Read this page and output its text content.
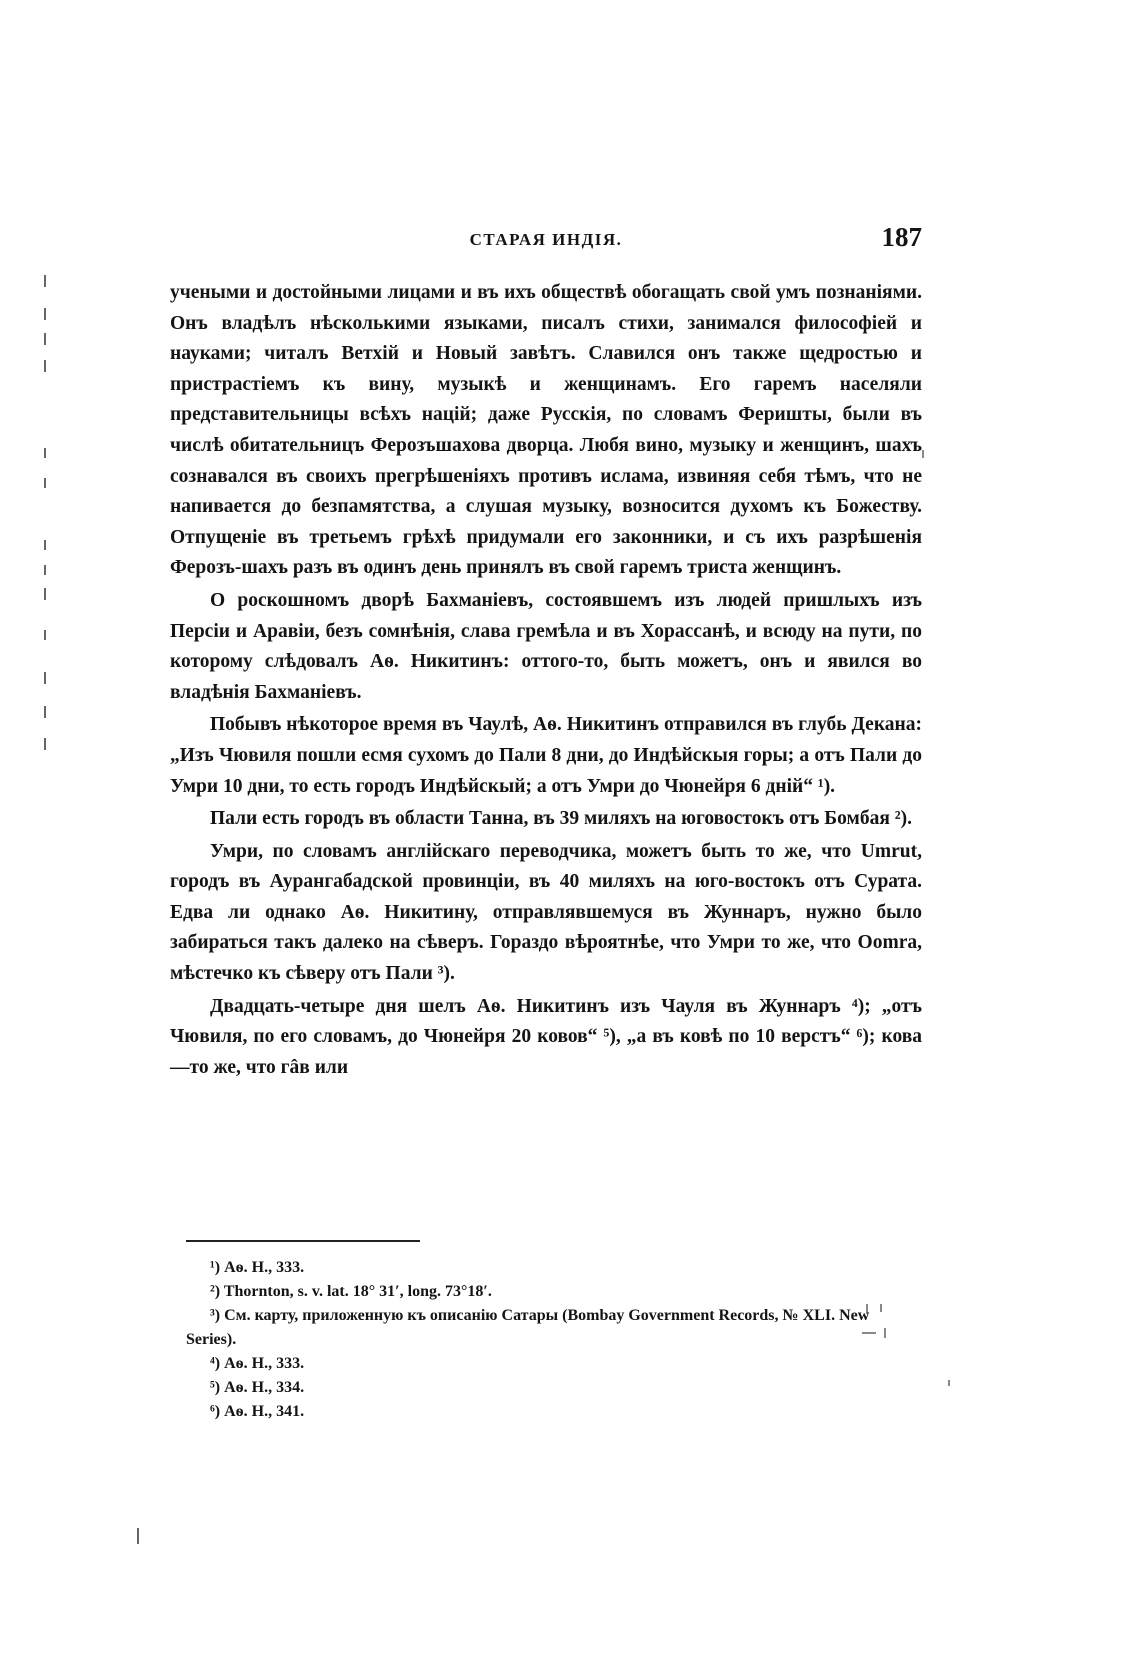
СТАРАЯ ИНДІЯ.	187

учеными и достойными лицами и въ ихъ обществѣ обогащать свой умъ познаніями. Онъ владѣлъ нѣсколькими языками, писалъ стихи, занимался философіей и науками; читалъ Ветхій и Новый завѣтъ. Славился онъ также щедростью и пристрастіемъ къ вину, музыкѣ и женщинамъ. Его гаремъ населяли представительницы всѣхъ націй; даже Русскія, по словамъ Феришты, были въ числѣ обитательницъ Ферозъшахова дворца. Любя вино, музыку и женщинъ, шахъ сознавался въ своихъ прегрѣшеніяхъ противъ ислама, извиняя себя тѣмъ, что не напивается до безпамятства, а слушая музыку, возносится духомъ къ Божеству. Отпущеніе въ третьемъ грѣхѣ придумали его законники, и съ ихъ разрѣшенія Ферозъ-шахъ разъ въ одинъ день принялъ въ свой гаремъ триста женщинъ.

О роскошномъ дворѣ Бахманіевъ, состоявшемъ изъ людей пришлыхъ изъ Персіи и Аравіи, безъ сомнѣнія, слава гремѣла и въ Хорассанѣ, и всюду на пути, по которому слѣдовалъ Аѳ. Никитинъ: оттого-то, быть можетъ, онъ и явился во владѣнія Бахманіевъ.

Побывъ нѣкоторое время въ Чаулѣ, Аѳ. Никитинъ отправился въ глубь Декана: „Изъ Чювиля пошли есмя сухомъ до Пали 8 дни, до Индѣйскыя горы; а отъ Пали до Умри 10 дни, то есть городъ Индѣйскый; а отъ Умри до Чюнейря 6 дній“ ¹).

Пали есть городъ въ области Танна, въ 39 миляхъ на юговостокъ отъ Бомбая ²).

Умри, по словамъ англійскаго переводчика, можетъ быть то же, что Umrut, городъ въ Аурангабадской провинціи, въ 40 миляхъ на юго-востокъ отъ Сурата. Едва ли однако Аѳ. Никитину, отправлявшемуся въ Жуннаръ, нужно было забираться такъ далеко на сѣверъ. Гораздо вѣроятнѣе, что Умри то же, что Oomra, мѣстечко къ сѣверу отъ Пали ³).

Двадцать-четыре дня шелъ Аѳ. Никитинъ изъ Чауля въ Жуннаръ ⁴); „отъ Чювиля, по его словамъ, до Чюнейря 20 ковов“ ⁵), „а въ ковѣ по 10 верстъ“ ⁶); кова—то же, что гâв или

¹) Аѳ. Н., 333.

²) Thornton, s. v. lat. 18° 31′, long. 73°18′.

³) См. карту, приложенную къ описанію Сатары (Bombay Government Records, № XLI. New Series).

⁴) Аѳ. Н., 333.

⁵) Аѳ. Н., 334.

⁶) Аѳ. Н., 341.
